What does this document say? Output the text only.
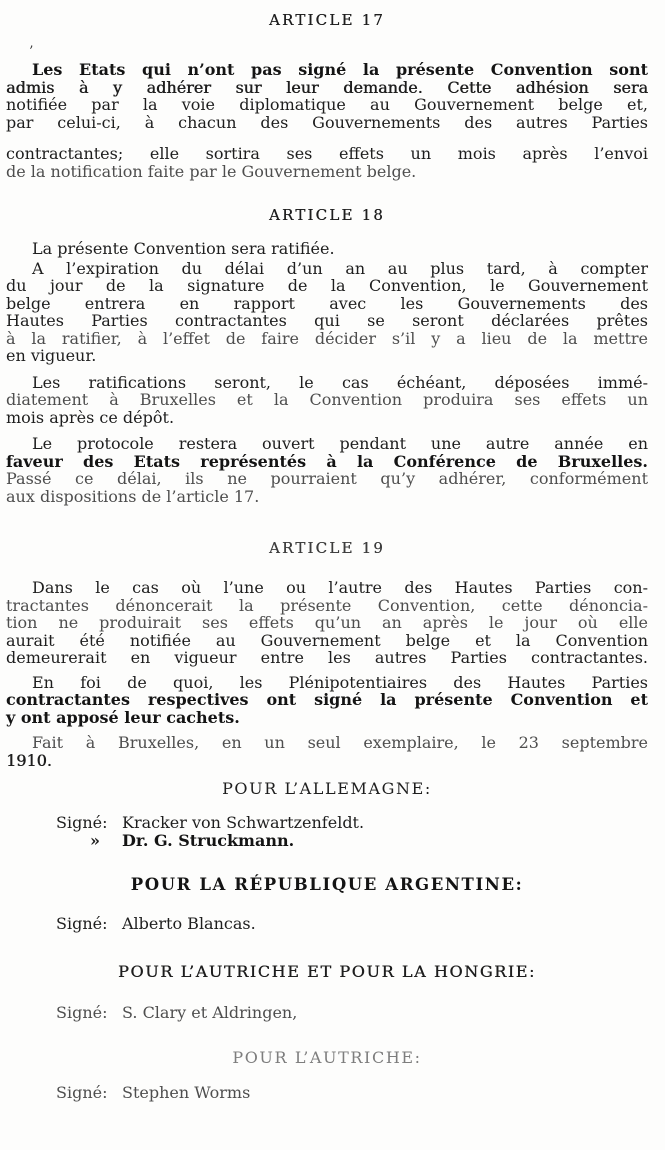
’
ARTICLE 17
Les Etats qui n’ont pas signé la présente Convention sont
admis à y adhérer sur leur demande. Cette adhésion sera
notifiée par la voie diplomatique au Gouvernement belge et,
par celui-ci, à chacun des Gouvernements des autres Parties
contractantes; elle sortira ses effets un mois après l’envoi
de la notification faite par le Gouvernement belge.
ARTICLE 18
La présente Convention sera ratifiée.
A l’expiration du délai d’un an au plus tard, à compter
du jour de la signature de la Convention, le Gouvernement
belge entrera en rapport avec les Gouvernements des
Hautes Parties contractantes qui se seront déclarées prêtes
à la ratifier, à l’effet de faire décider s’il y a lieu de la mettre
en vigueur.
Les ratifications seront, le cas échéant, déposées immé-
diatement à Bruxelles et la Convention produira ses effets un
mois après ce dépôt.
Le protocole restera ouvert pendant une autre année en
faveur des Etats représentés à la Conférence de Bruxelles.
Passé ce délai, ils ne pourraient qu’y adhérer, conformément
aux dispositions de l’article 17.
ARTICLE 19
Dans le cas où l’une ou l’autre des Hautes Parties con-
tractantes dénoncerait la présente Convention, cette dénoncia-
tion ne produirait ses effets qu’un an après le jour où elle
aurait été notifiée au Gouvernement belge et la Convention
demeurerait en vigueur entre les autres Parties contractantes.
En foi de quoi, les Plénipotentiaires des Hautes Parties
contractantes respectives ont signé la présente Convention et
y ont apposé leur cachets.
Fait à Bruxelles, en un seul exemplaire, le 23 septembre
1910.
POUR L’ALLEMAGNE:
Signé: Kracker von Schwartzenfeldt.
»	Dr. G. Struckmann.
POUR LA RÉPUBLIQUE ARGENTINE:
Signé: Alberto Blancas.
POUR L’AUTRICHE ET POUR LA HONGRIE:
Signé: S. Clary et Aldringen,
POUR L’AUTRICHE:
Signé: Stephen Worms
